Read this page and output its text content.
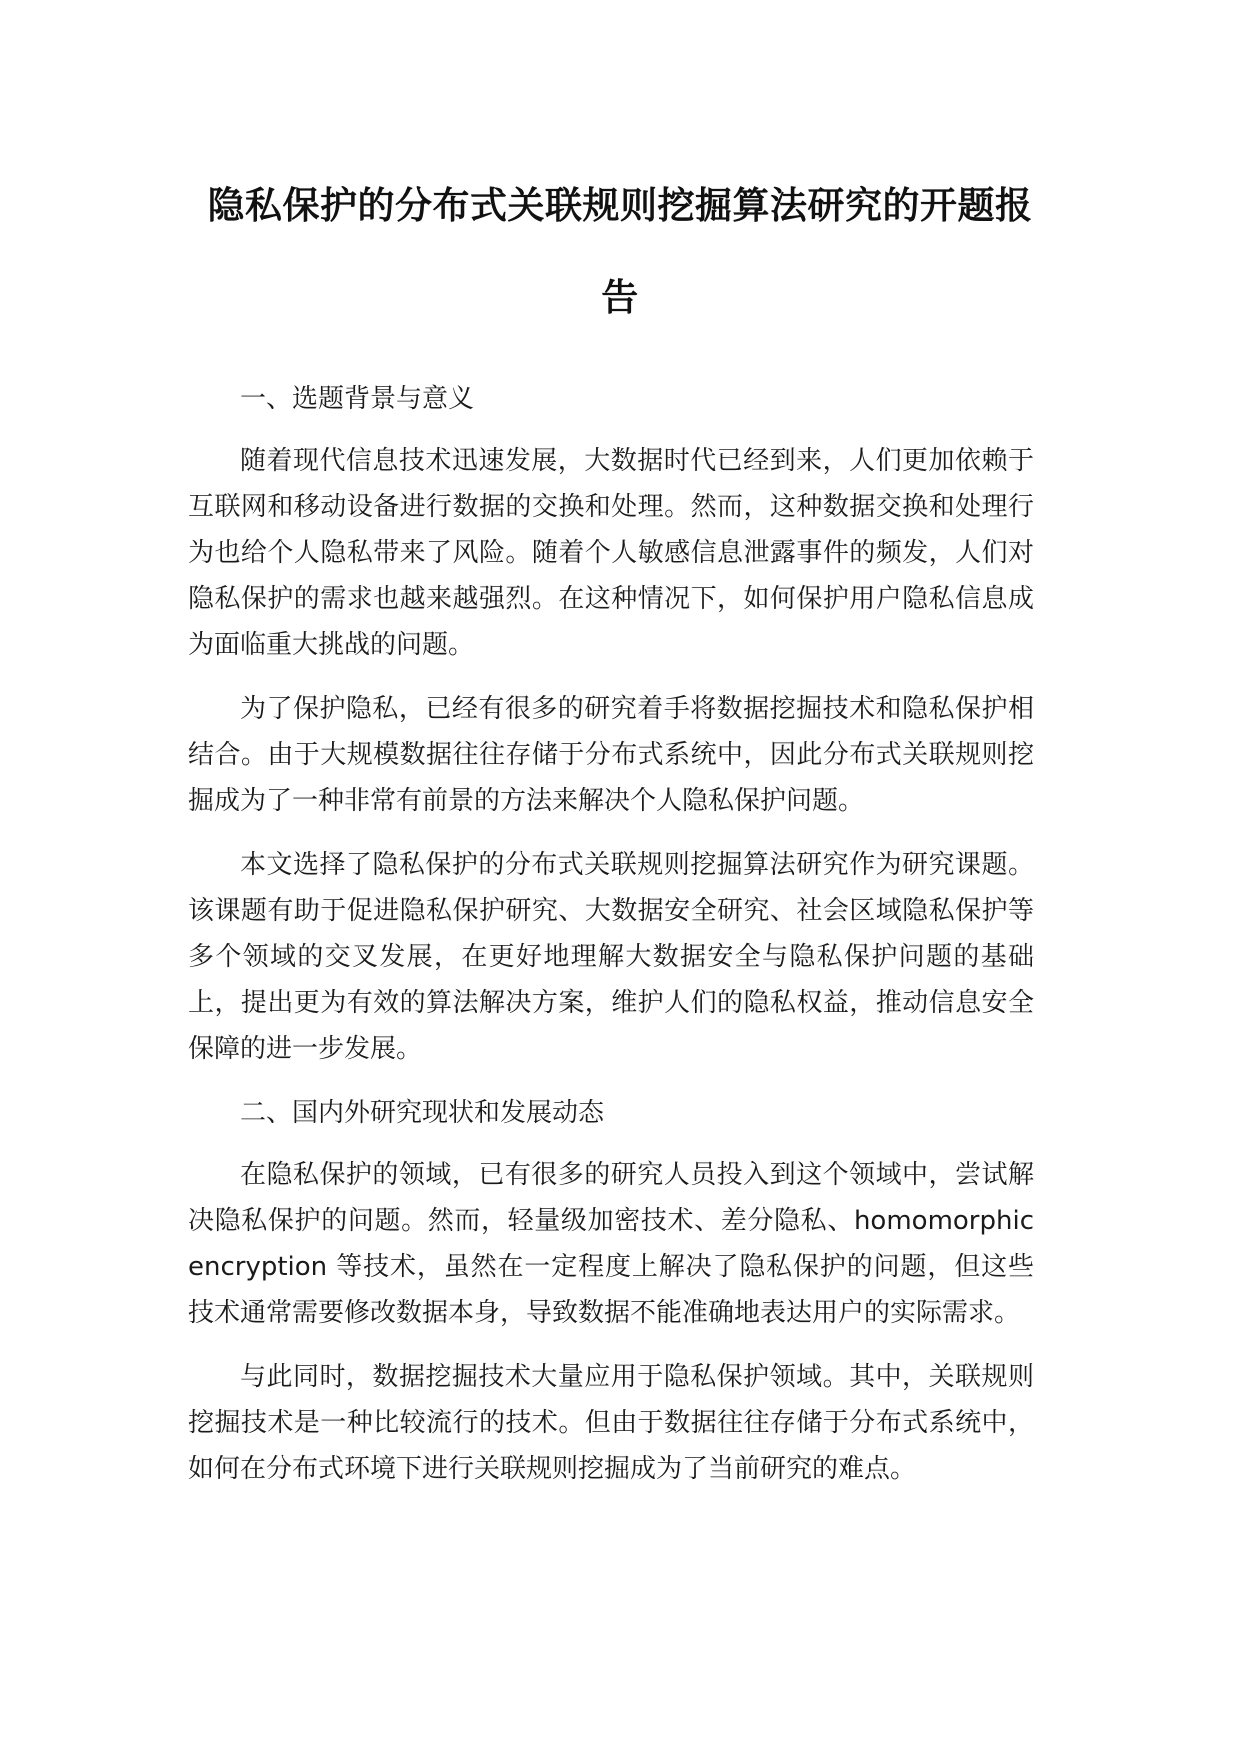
隐私保护的分布式关联规则挖掘算法研究的开题报告

一、选题背景与意义

随着现代信息技术迅速发展，大数据时代已经到来，人们更加依赖于互联网和移动设备进行数据的交换和处理。然而，这种数据交换和处理行为也给个人隐私带来了风险。随着个人敏感信息泄露事件的频发，人们对隐私保护的需求也越来越强烈。在这种情况下，如何保护用户隐私信息成为面临重大挑战的问题。

为了保护隐私，已经有很多的研究着手将数据挖掘技术和隐私保护相结合。由于大规模数据往往存储于分布式系统中，因此分布式关联规则挖掘成为了一种非常有前景的方法来解决个人隐私保护问题。

本文选择了隐私保护的分布式关联规则挖掘算法研究作为研究课题。该课题有助于促进隐私保护研究、大数据安全研究、社会区域隐私保护等多个领域的交叉发展，在更好地理解大数据安全与隐私保护问题的基础上，提出更为有效的算法解决方案，维护人们的隐私权益，推动信息安全保障的进一步发展。

二、国内外研究现状和发展动态

在隐私保护的领域，已有很多的研究人员投入到这个领域中，尝试解决隐私保护的问题。然而，轻量级加密技术、差分隐私、homomorphic encryption 等技术，虽然在一定程度上解决了隐私保护的问题，但这些技术通常需要修改数据本身，导致数据不能准确地表达用户的实际需求。

与此同时，数据挖掘技术大量应用于隐私保护领域。其中，关联规则挖掘技术是一种比较流行的技术。但由于数据往往存储于分布式系统中，如何在分布式环境下进行关联规则挖掘成为了当前研究的难点。
